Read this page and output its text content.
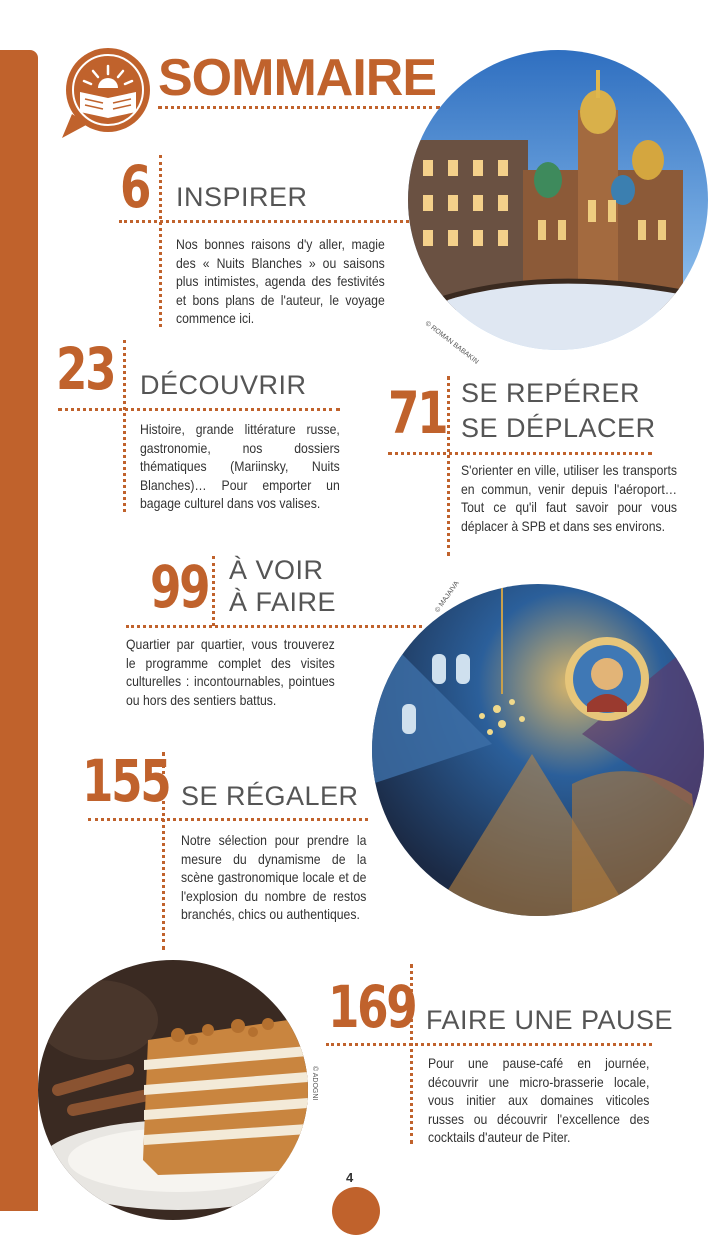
SOMMAIRE
© ROMAN BABAKIN
© MAJAIVA
© ADOGNI
6 INSPIRER
Nos bonnes raisons d'y aller, magie des « Nuits Blanches » ou saisons plus intimistes, agenda des festivités et bons plans de l'auteur, le voyage commence ici.
23 DÉCOUVRIR
Histoire, grande littérature russe, gastronomie, nos dossiers thématiques (Mariinsky, Nuits Blanches)… Pour emporter un bagage culturel dans vos valises.
71 SE REPÉRER
SE DÉPLACER
S'orienter en ville, utiliser les transports en commun, venir depuis l'aéroport… Tout ce qu'il faut savoir pour vous déplacer à SPB et dans ses environs.
99 À VOIR
À FAIRE
Quartier par quartier, vous trouverez le programme complet des visites culturelles : incontournables, pointues ou hors des sentiers battus.
155 SE RÉGALER
Notre sélection pour prendre la mesure du dynamisme de la scène gastronomique locale et de l'explosion du nombre de restos branchés, chics ou authentiques.
169 FAIRE UNE PAUSE
Pour une pause-café en journée, découvrir une micro-brasserie locale, vous initier aux domaines viticoles russes ou découvrir l'excellence des cocktails d'auteur de Piter.
4
